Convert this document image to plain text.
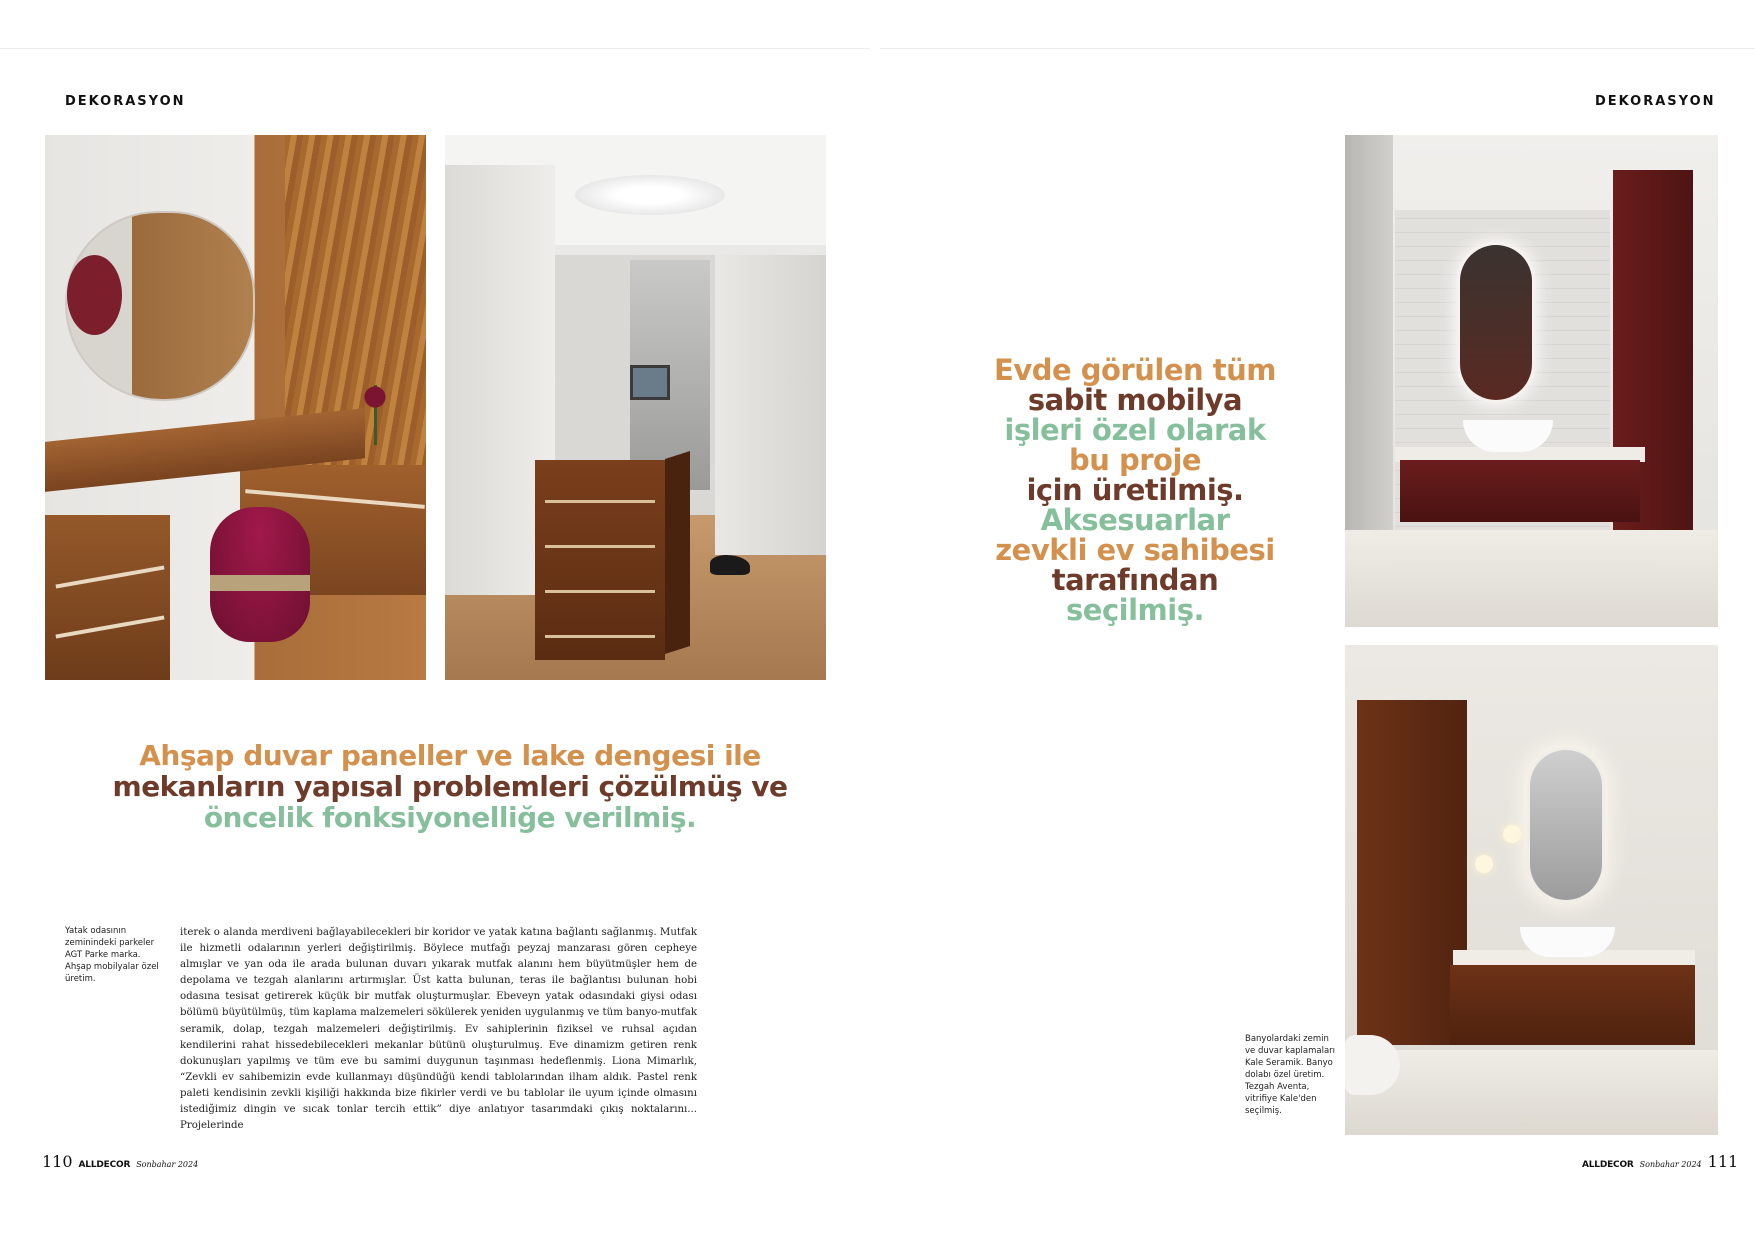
DEKORASYON	DEKORASYON
Ahşap duvar paneller ve lake dengesi ile
mekanların yapısal problemleri çözülmüş ve
öncelik fonksiyonelliğe verilmiş.
Evde görülen tüm
sabit mobilya
işleri özel olarak
bu proje
için üretilmiş.
Aksesuarlar
zevkli ev sahibesi
tarafından
seçilmiş.
Yatak odasının zeminindeki parkeler AGT Parke marka. Ahşap mobilyalar özel üretim.
Banyolardaki zemin ve duvar kaplamaları Kale Seramik. Banyo dolabı özel üretim. Tezgah Aventa, vitrifiye Kale'den seçilmiş.
iterek o alanda merdiveni bağlayabilecekleri bir koridor ve yatak katına bağlantı sağlanmış. Mutfak ile hizmetli odalarının yerleri değiştirilmiş. Böylece mutfağı peyzaj manzarası gören cepheye almışlar ve yan oda ile arada bulunan duvarı yıkarak mutfak alanını hem büyütmüşler hem de depolama ve tezgah alanlarını artırmışlar. Üst katta bulunan, teras ile bağlantısı bulunan hobi odasına tesisat getirerek küçük bir mutfak oluşturmuşlar. Ebeveyn yatak odasındaki giysi odası bölümü büyütülmüş, tüm kaplama malzemeleri sökülerek yeniden uygulanmış ve tüm banyo-mutfak seramik, dolap, tezgah malzemeleri değiştirilmiş. Ev sahiplerinin fiziksel ve ruhsal açıdan kendilerini rahat hissedebilecekleri mekanlar bütünü oluşturulmuş. Eve dinamizm getiren renk dokunuşları yapılmış ve tüm eve bu samimi duygunun taşınması hedeflenmiş. Liona Mimarlık, “Zevkli ev sahibemizin evde kullanmayı düşündüğü kendi tablolarından ilham aldık. Pastel renk paleti kendisinin zevkli kişiliği hakkında bize fikirler verdi ve bu tablolar ile uyum içinde olmasını istediğimiz dingin ve sıcak tonlar tercih ettik” diye anlatıyor tasarımdaki çıkış noktalarını... Projelerinde
110 ALLDECOR Sonbahar 2024	ALLDECOR Sonbahar 2024 111
